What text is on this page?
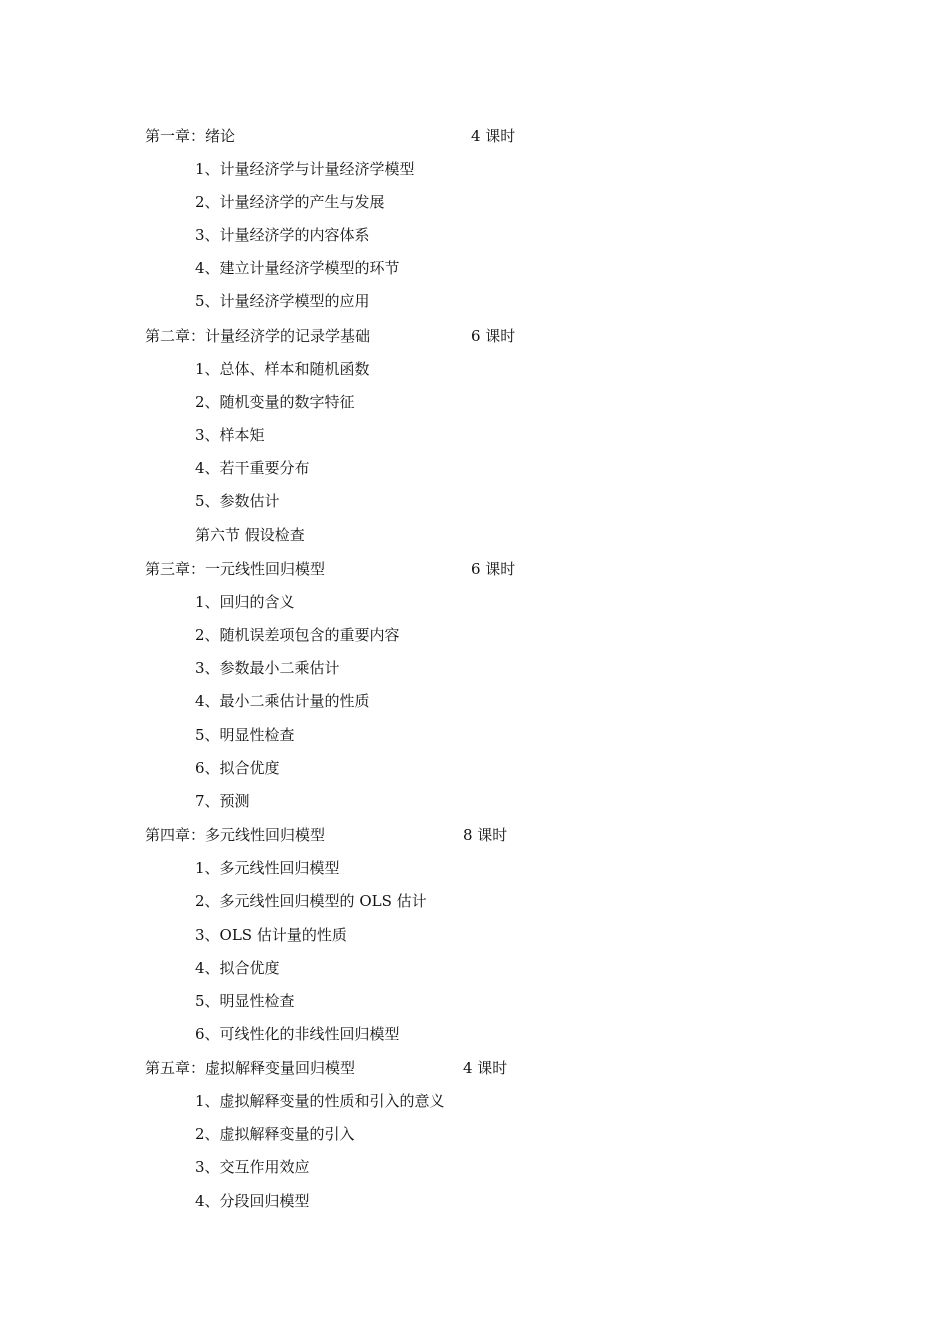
第一章：绪论	4 课时
1、计量经济学与计量经济学模型
2、计量经济学的产生与发展
3、计量经济学的内容体系
4、建立计量经济学模型的环节
5、计量经济学模型的应用
第二章：计量经济学的记录学基础	6 课时
1、总体、样本和随机函数
2、随机变量的数字特征
3、样本矩
4、若干重要分布
5、参数估计
第六节 假设检查
第三章：一元线性回归模型	6 课时
1、回归的含义
2、随机误差项包含的重要内容
3、参数最小二乘估计
4、最小二乘估计量的性质
5、明显性检查
6、拟合优度
7、预测
第四章：多元线性回归模型	8 课时
1、多元线性回归模型
2、多元线性回归模型的 OLS 估计
3、OLS 估计量的性质
4、拟合优度
5、明显性检查
6、可线性化的非线性回归模型
第五章：虚拟解释变量回归模型	4 课时
1、虚拟解释变量的性质和引入的意义
2、虚拟解释变量的引入
3、交互作用效应
4、分段回归模型
